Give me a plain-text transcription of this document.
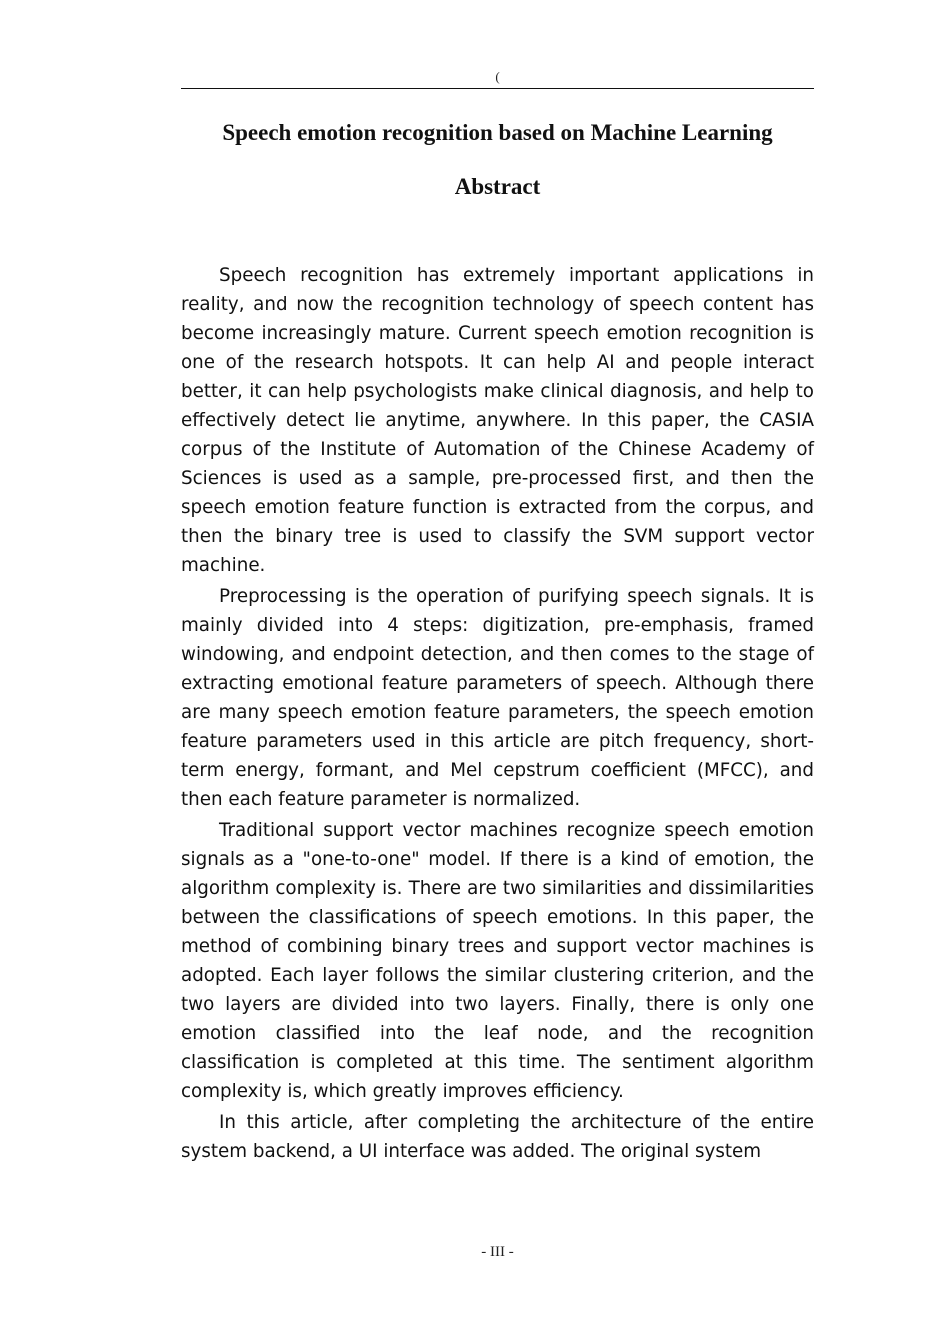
(
Speech emotion recognition based on Machine Learning
Abstract

Speech recognition has extremely important applications in reality, and now the recognition technology of speech content has become increasingly mature. Current speech emotion recognition is one of the research hotspots. It can help AI and people interact better, it can help psychologists make clinical diagnosis, and help to effectively detect lie anytime, anywhere. In this paper, the CASIA corpus of the Institute of Automation of the Chinese Academy of Sciences is used as a sample, pre-processed first, and then the speech emotion feature function is extracted from the corpus, and then the binary tree is used to classify the SVM support vector machine.

Preprocessing is the operation of purifying speech signals. It is mainly divided into 4 steps: digitization, pre-emphasis, framed windowing, and endpoint detection, and then comes to the stage of extracting emotional feature parameters of speech. Although there are many speech emotion feature parameters, the speech emotion feature parameters used in this article are pitch frequency, short-term energy, formant, and Mel cepstrum coefficient (MFCC), and then each feature parameter is normalized.

Traditional support vector machines recognize speech emotion signals as a "one-to-one" model. If there is a kind of emotion, the algorithm complexity is. There are two similarities and dissimilarities between the classifications of speech emotions. In this paper, the method of combining binary trees and support vector machines is adopted. Each layer follows the similar clustering criterion, and the two layers are divided into two layers. Finally, there is only one emotion classified into the leaf node, and the recognition classification is completed at this time. The sentiment algorithm complexity is, which greatly improves efficiency.

In this article, after completing the architecture of the entire system backend, a UI interface was added. The original system

- III -
